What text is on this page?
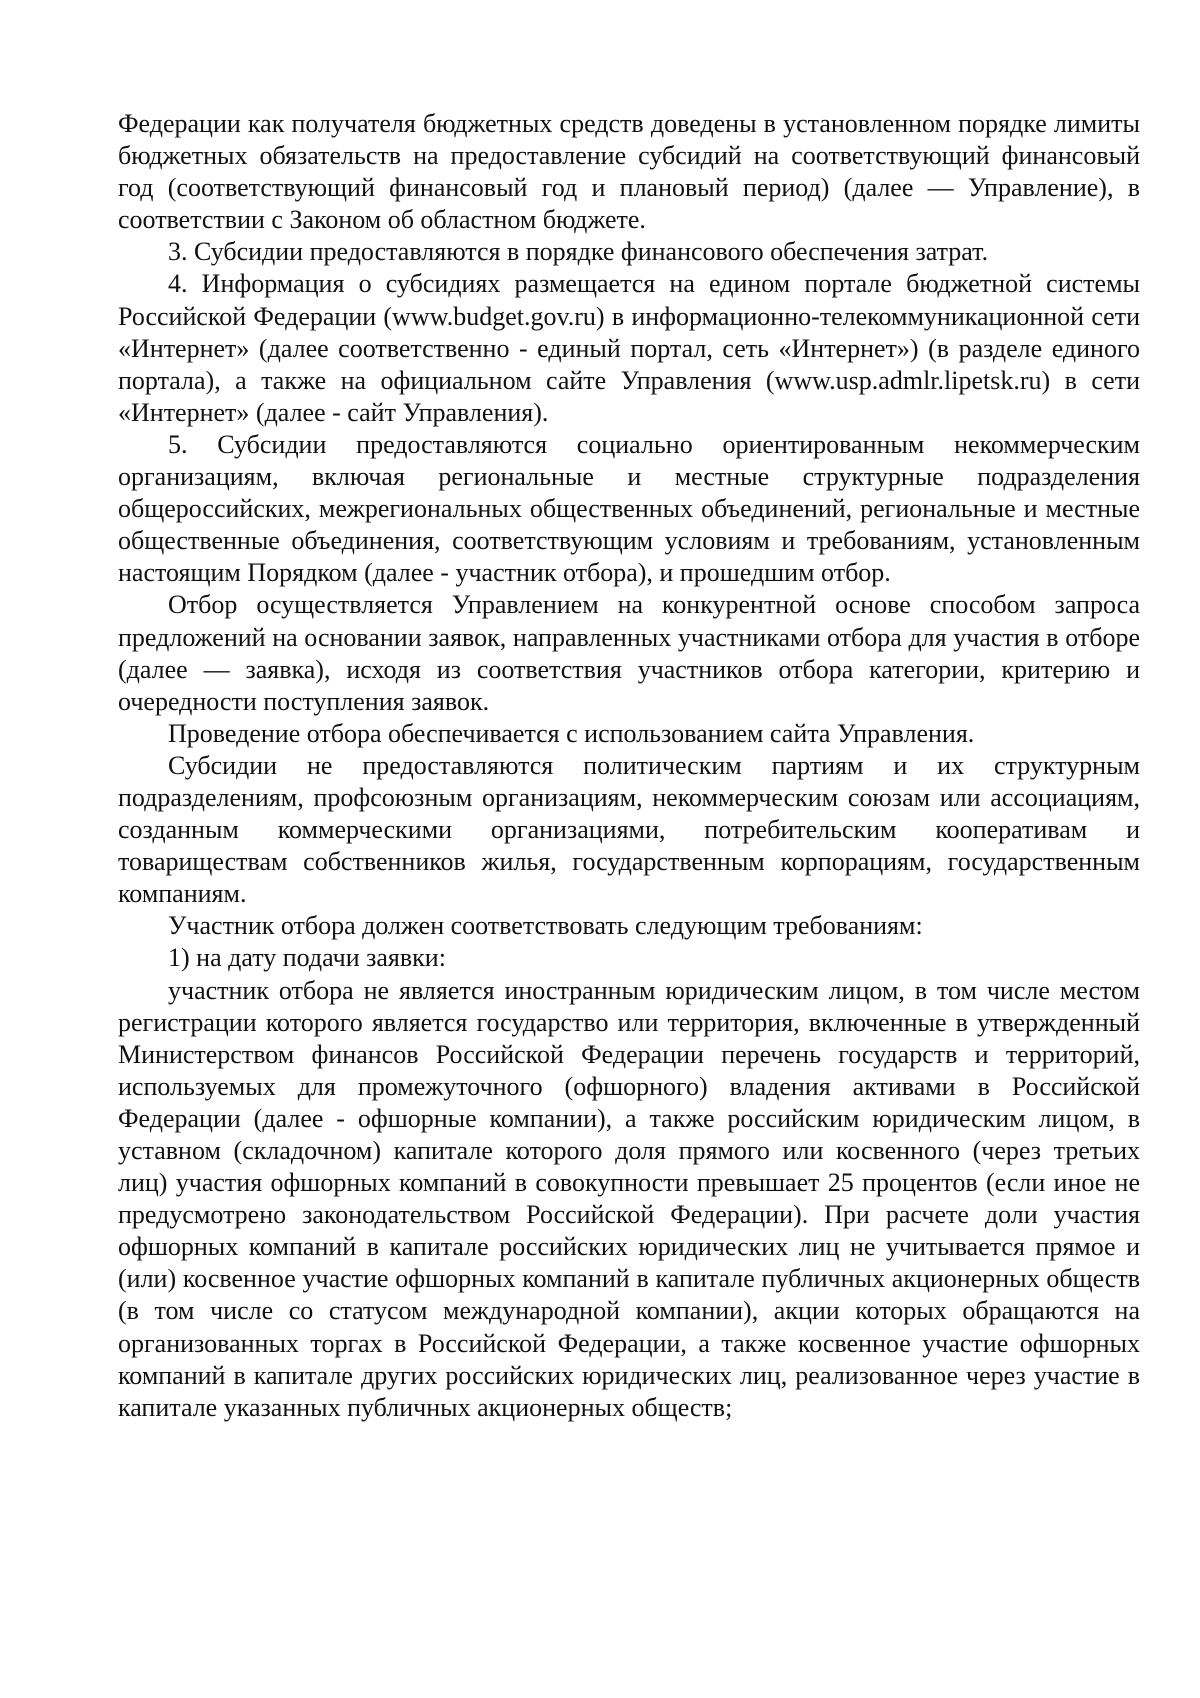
Федерации как получателя бюджетных средств доведены в установленном порядке лимиты бюджетных обязательств на предоставление субсидий на соответствующий финансовый год (соответствующий финансовый год и плановый период) (далее — Управление), в соответствии с Законом об областном бюджете.

3. Субсидии предоставляются в порядке финансового обеспечения затрат.

4. Информация о субсидиях размещается на едином портале бюджетной системы Российской Федерации (www.budget.gov.ru) в информационно-телекоммуникационной сети «Интернет» (далее соответственно - единый портал, сеть «Интернет») (в разделе единого портала), а также на официальном сайте Управления (www.usp.admlr.lipetsk.ru) в сети «Интернет» (далее - сайт Управления).

5. Субсидии предоставляются социально ориентированным некоммерческим организациям, включая региональные и местные структурные подразделения общероссийских, межрегиональных общественных объединений, региональные и местные общественные объединения, соответствующим условиям и требованиям, установленным настоящим Порядком (далее - участник отбора), и прошедшим отбор.

Отбор осуществляется Управлением на конкурентной основе способом запроса предложений на основании заявок, направленных участниками отбора для участия в отборе (далее — заявка), исходя из соответствия участников отбора категории, критерию и очередности поступления заявок.

Проведение отбора обеспечивается с использованием сайта Управления.

Субсидии не предоставляются политическим партиям и их структурным подразделениям, профсоюзным организациям, некоммерческим союзам или ассоциациям, созданным коммерческими организациями, потребительским кооперативам и товариществам собственников жилья, государственным корпорациям, государственным компаниям.

Участник отбора должен соответствовать следующим требованиям:

1) на дату подачи заявки:

участник отбора не является иностранным юридическим лицом, в том числе местом регистрации которого является государство или территория, включенные в утвержденный Министерством финансов Российской Федерации перечень государств и территорий, используемых для промежуточного (офшорного) владения активами в Российской Федерации (далее - офшорные компании), а также российским юридическим лицом, в уставном (складочном) капитале которого доля прямого или косвенного (через третьих лиц) участия офшорных компаний в совокупности превышает 25 процентов (если иное не предусмотрено законодательством Российской Федерации). При расчете доли участия офшорных компаний в капитале российских юридических лиц не учитывается прямое и (или) косвенное участие офшорных компаний в капитале публичных акционерных обществ (в том числе со статусом международной компании), акции которых обращаются на организованных торгах в Российской Федерации, а также косвенное участие офшорных компаний в капитале других российских юридических лиц, реализованное через участие в капитале указанных публичных акционерных обществ;
